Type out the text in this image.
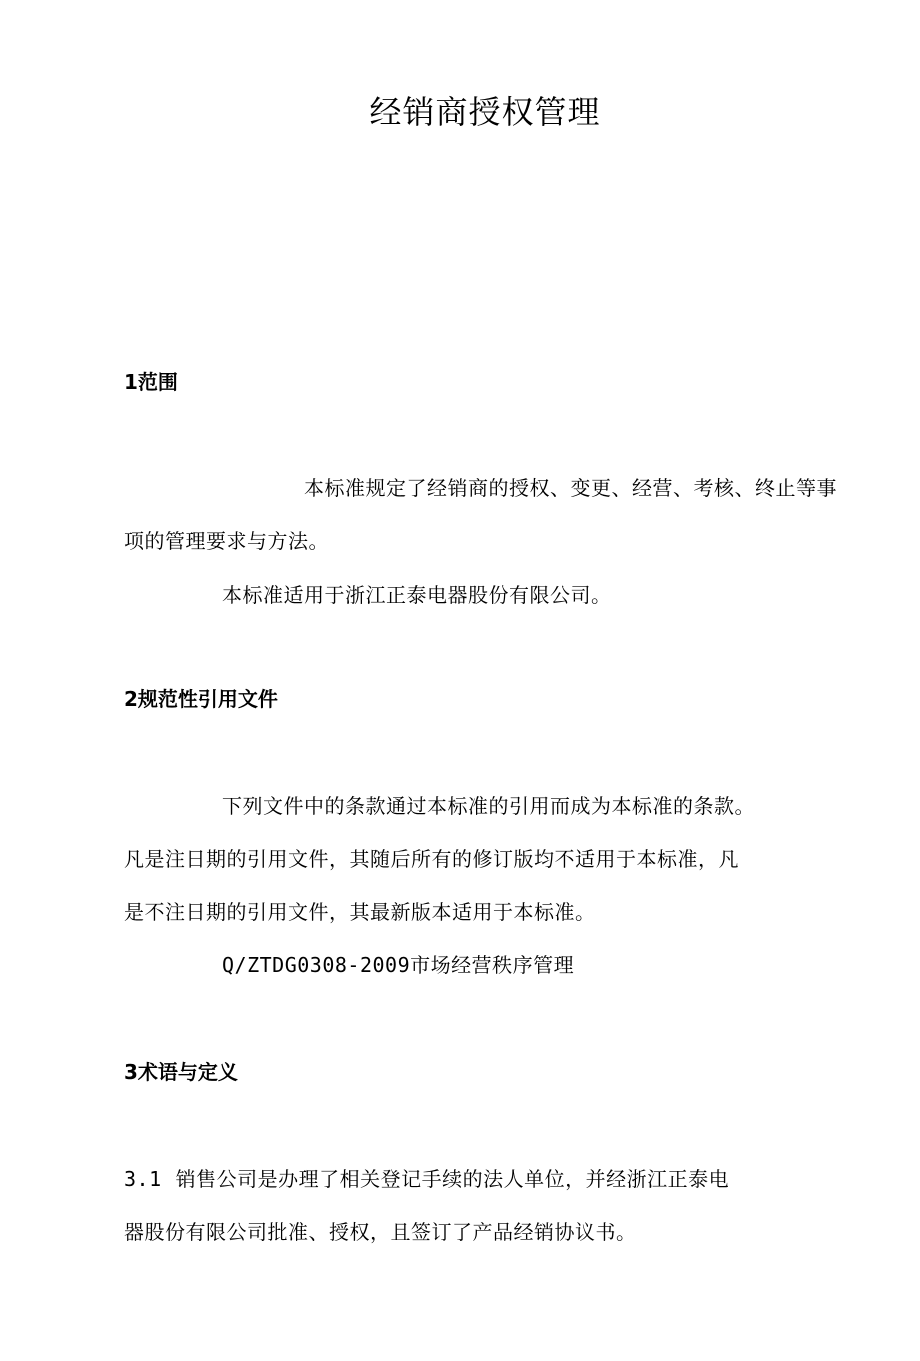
经销商授权管理
1范围
本标准规定了经销商的授权、变更、经营、考核、终止等事
项的管理要求与方法。
本标准适用于浙江正泰电器股份有限公司。
2规范性引用文件
下列文件中的条款通过本标准的引用而成为本标准的条款。
凡是注日期的引用文件，其随后所有的修订版均不适用于本标准，凡
是不注日期的引用文件，其最新版本适用于本标准。
Q/ZTDG0308-2009市场经营秩序管理
3术语与定义
3.1 销售公司是办理了相关登记手续的法人单位，并经浙江正泰电
器股份有限公司批准、授权，且签订了产品经销协议书。
